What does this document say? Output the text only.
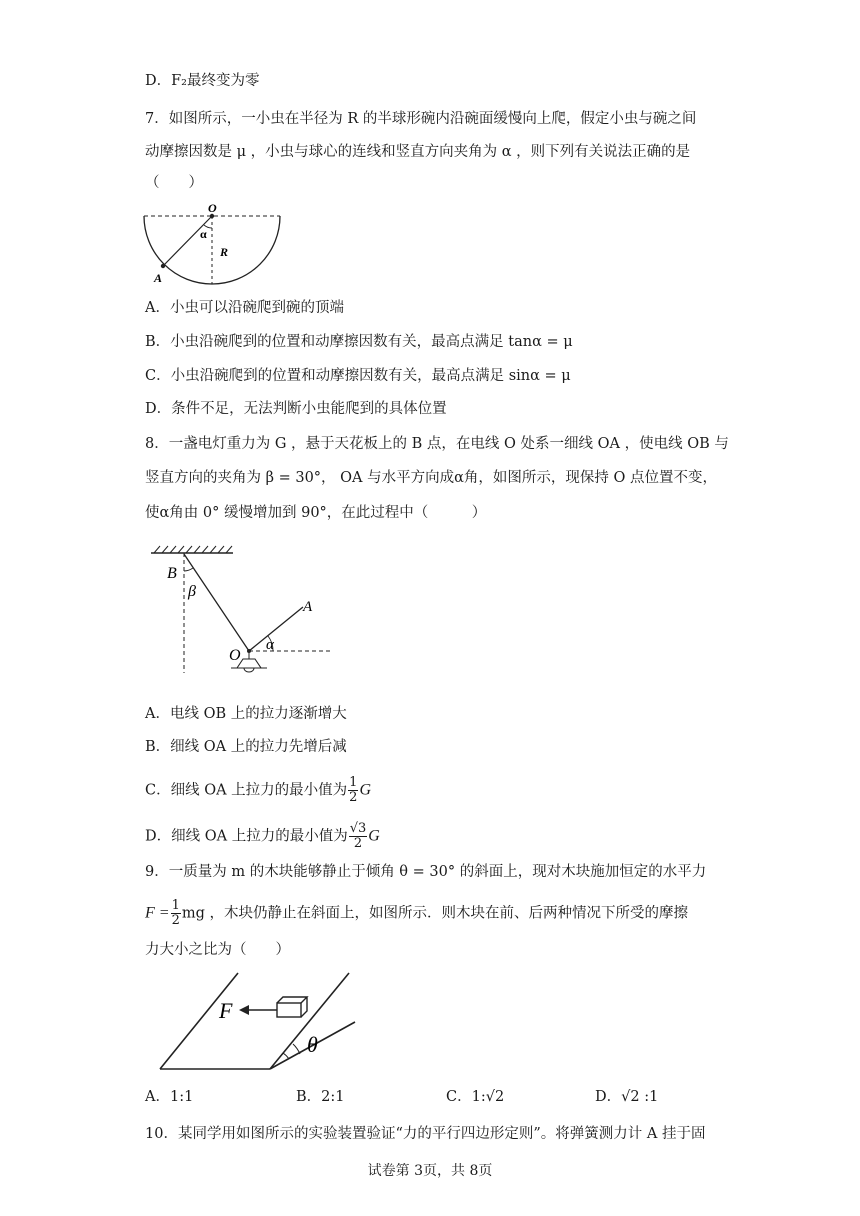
D．F₂最终变为零
7．如图所示，一小虫在半径为 R 的半球形碗内沿碗面缓慢向上爬，假定小虫与碗之间
动摩擦因数是 μ ，小虫与球心的连线和竖直方向夹角为 α ，则下列有关说法正确的是
（　　）
O
α
R
A
A．小虫可以沿碗爬到碗的顶端
B．小虫沿碗爬到的位置和动摩擦因数有关，最高点满足 tanα = μ
C．小虫沿碗爬到的位置和动摩擦因数有关，最高点满足 sinα = μ
D．条件不足，无法判断小虫能爬到的具体位置
8．一盏电灯重力为 G ，悬于天花板上的 B 点，在电线 O 处系一细线 OA ，使电线 OB 与
竖直方向的夹角为 β = 30°， OA 与水平方向成α角，如图所示，现保持 O 点位置不变，
使α角由 0° 缓慢增加到 90°，在此过程中（　　　）
B
β
A
O
α
A．电线 OB 上的拉力逐渐增大
B．细线 OA 上的拉力先增后减
C．细线 OA 上拉力的最小值为 $\frac{1}{2}$ G
D．细线 OA 上拉力的最小值为 $\frac{√3}{2}$ G
9．一质量为 m 的木块能够静止于倾角 θ = 30° 的斜面上，现对木块施加恒定的水平力
$F = \frac{1}{2}$ mg ，木块仍静止在斜面上，如图所示．则木块在前、后两种情况下所受的摩擦
力大小之比为（　　）
F
θ
A．1:1	B．2:1	C．1:√2	D．√2 :1
10．某同学用如图所示的实验装置验证“力的平行四边形定则”。将弹簧测力计 A 挂于固
试卷第 3页，共 8页
